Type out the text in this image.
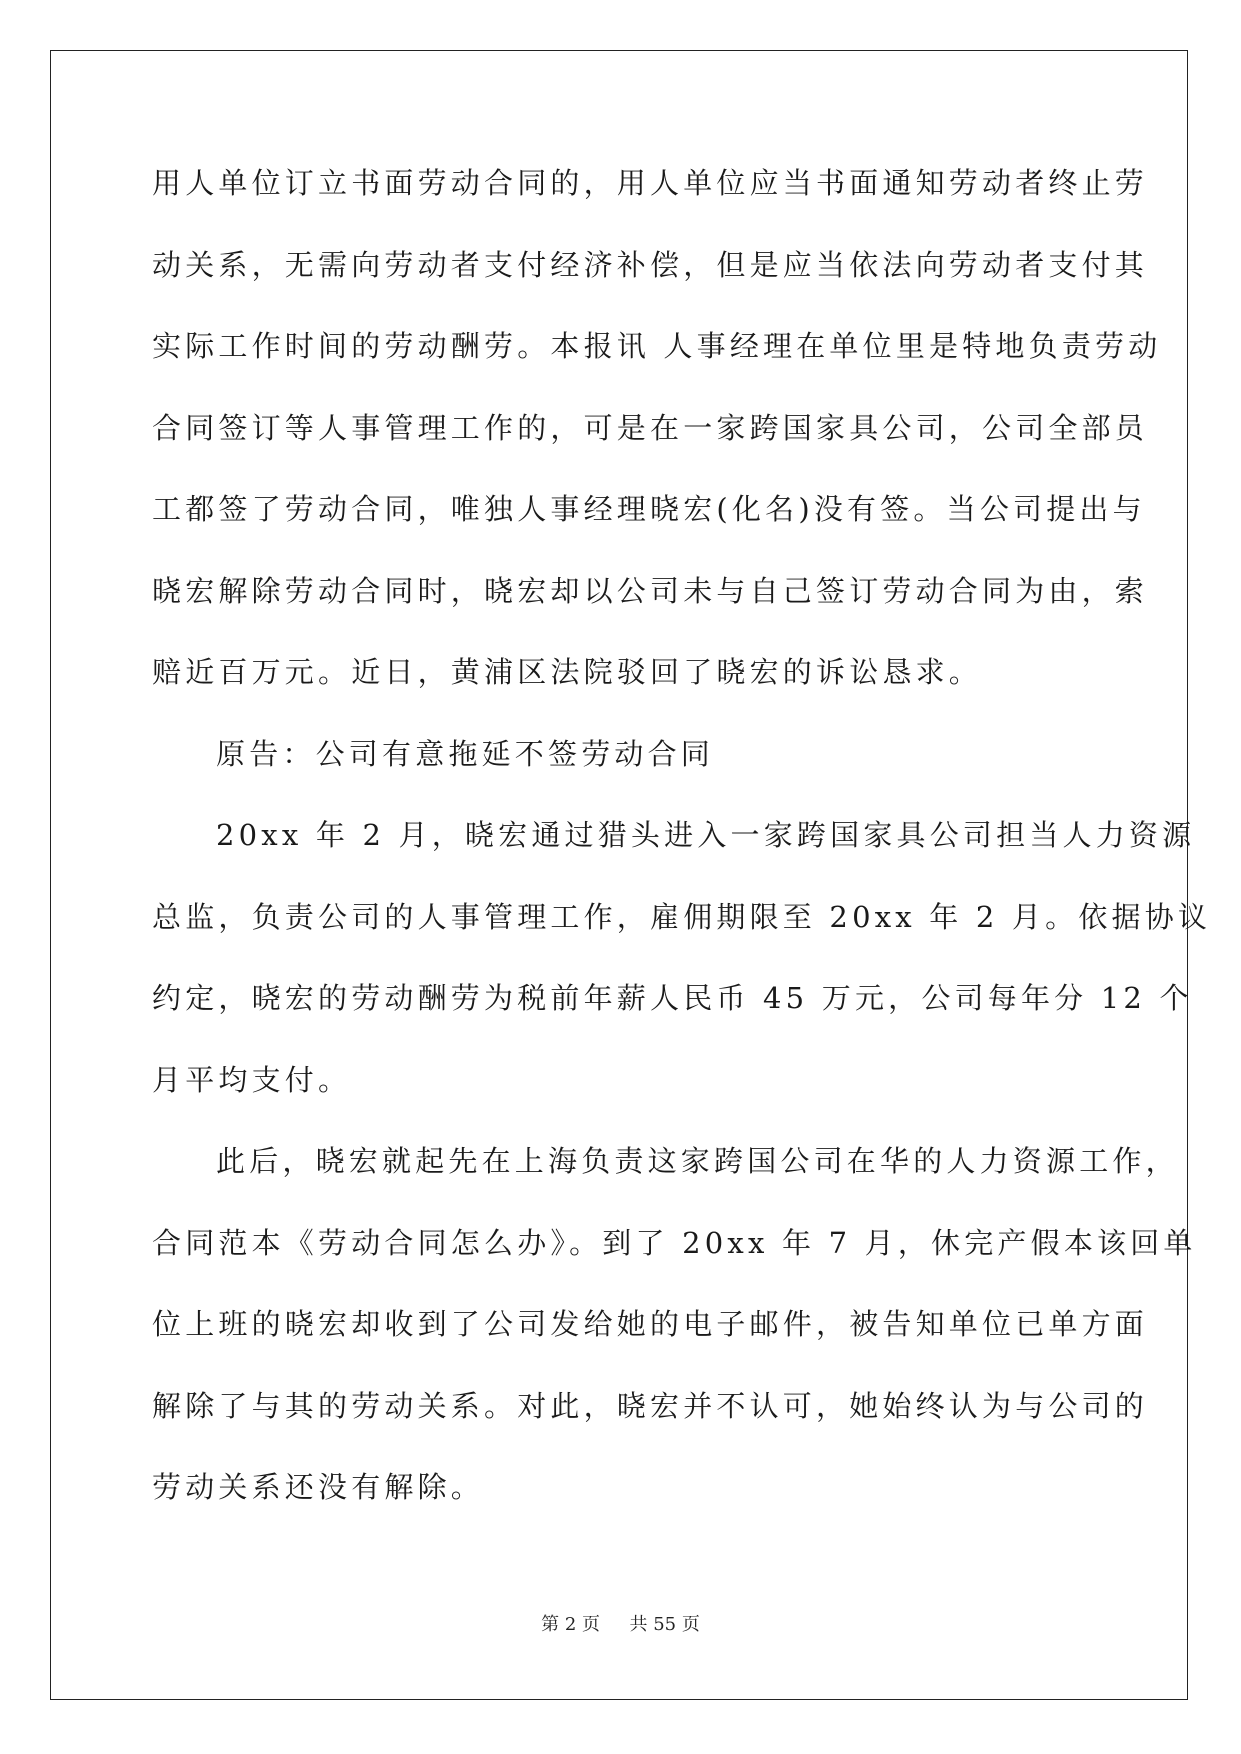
用人单位订立书面劳动合同的，用人单位应当书面通知劳动者终止劳
动关系，无需向劳动者支付经济补偿，但是应当依法向劳动者支付其
实际工作时间的劳动酬劳。本报讯 人事经理在单位里是特地负责劳动
合同签订等人事管理工作的，可是在一家跨国家具公司，公司全部员
工都签了劳动合同，唯独人事经理晓宏(化名)没有签。当公司提出与
晓宏解除劳动合同时，晓宏却以公司未与自己签订劳动合同为由，索
赔近百万元。近日，黄浦区法院驳回了晓宏的诉讼恳求。
原告：公司有意拖延不签劳动合同
20xx 年 2 月，晓宏通过猎头进入一家跨国家具公司担当人力资源
总监，负责公司的人事管理工作，雇佣期限至 20xx 年 2 月。依据协议
约定，晓宏的劳动酬劳为税前年薪人民币 45 万元，公司每年分 12 个
月平均支付。
此后，晓宏就起先在上海负责这家跨国公司在华的人力资源工作，
合同范本《劳动合同怎么办》。到了 20xx 年 7 月，休完产假本该回单
位上班的晓宏却收到了公司发给她的电子邮件，被告知单位已单方面
解除了与其的劳动关系。对此，晓宏并不认可，她始终认为与公司的
劳动关系还没有解除。
第 2 页 共 55 页
